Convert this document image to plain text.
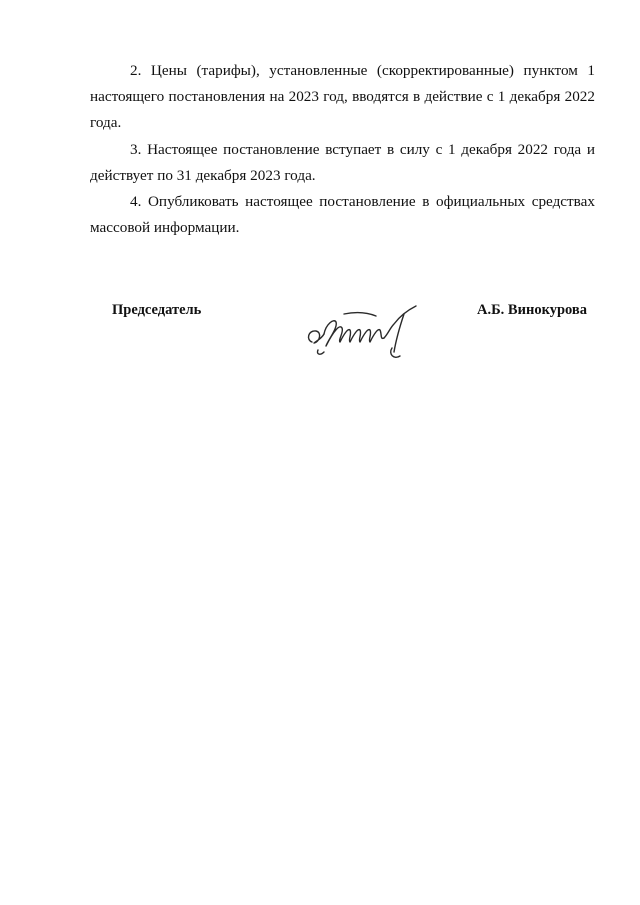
2. Цены (тарифы), установленные (скорректированные) пунктом 1 настоящего постановления на 2023 год, вводятся в действие с 1 декабря 2022 года.

3. Настоящее постановление вступает в силу с 1 декабря 2022 года и действует по 31 декабря 2023 года.

4. Опубликовать настоящее постановление в официальных средствах массовой информации.

Председатель	А.Б. Винокурова
